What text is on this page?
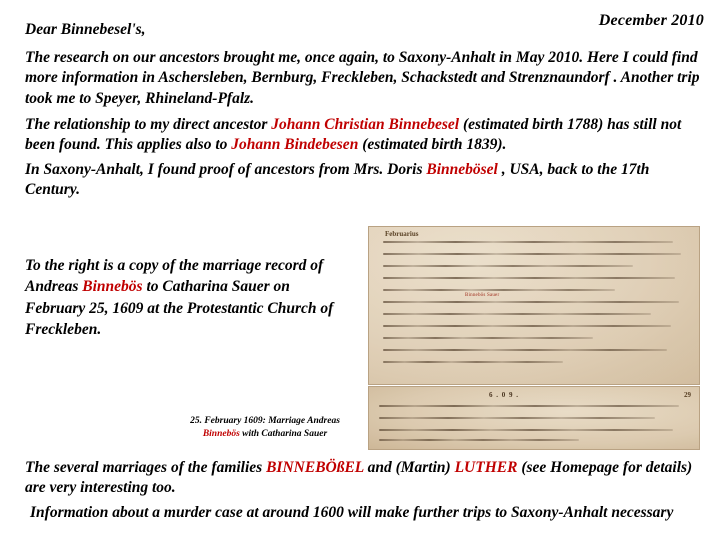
December 2010
Dear Binnebesel's,
The research on our ancestors brought me, once again, to Saxony-Anhalt in May 2010. Here I could find more information in Aschersleben, Bernburg, Freckleben, Schackstedt and Strenznaundorf . Another trip took me to Speyer, Rhineland-Pfalz.
The relationship to my direct ancestor Johann Christian Binnebesel (estimated birth 1788) has still not been found. This applies also to Johann Bindebesen (estimated birth 1839).
In Saxony-Anhalt, I found proof of ancestors from Mrs. Doris Binnebösel , USA, back to the 17th Century.
To the right is a copy of the marriage record of Andreas Binnebös to Catharina Sauer on February 25, 1609 at the Protestantic Church of Freckleben.
Februarius
Binnebös Sauer
6 . 0 9 .	29
25. February 1609: Marriage Andreas Binnebös with Catharina Sauer
The several marriages of the families BINNEBÖßEL and (Martin) LUTHER (see Homepage for details) are very interesting too.
Information about a murder case at around 1600 will make further trips to Saxony-Anhalt necessary
